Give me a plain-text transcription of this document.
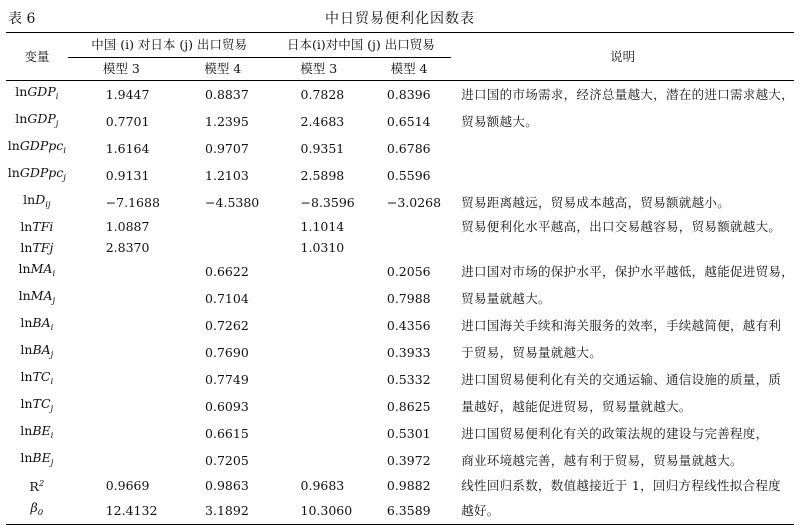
表 6	中日贸易便利化因数表
变量	中国 (i) 对日本 (j) 出口贸易		日本(i)对中国 (j) 出口贸易		说明
	模型 3	模型 4	模型 3	模型 4	
lnGDP$_i$	1.9447	0.8837	0.7828	0.8396	进口国的市场需求，经济总量越大，潜在的进口需求越大，
lnGDP$_j$	0.7701	1.2395	2.4683	0.6514	贸易额越大。
lnGDPpc$_i$	1.6164	0.9707	0.9351	0.6786	
lnGDPpc$_j$	0.9131	1.2103	2.5898	0.5596	
lnD$_{ij}$	−7.1688	−4.5380	−8.3596	−3.0268	贸易距离越远，贸易成本越高，贸易额就越小。
lnTFi	1.0887		1.1014		贸易便利化水平越高，出口交易越容易，贸易额就越大。
lnTFj	2.8370		1.0310		
lnMA$_i$		0.6622		0.2056	进口国对市场的保护水平，保护水平越低，越能促进贸易，
lnMA$_j$		0.7104		0.7988	贸易量就越大。
lnBA$_i$		0.7262		0.4356	进口国海关手续和海关服务的效率，手续越简便，越有利
lnBA$_j$		0.7690		0.3933	于贸易，贸易量就越大。
lnTC$_i$		0.7749		0.5332	进口国贸易便利化有关的交通运输、通信设施的质量，质
lnTC$_j$		0.6093		0.8625	量越好，越能促进贸易，贸易量就越大。
lnBE$_i$		0.6615		0.5301	进口国贸易便利化有关的政策法规的建设与完善程度，
lnBE$_j$		0.7205		0.3972	商业环境越完善，越有利于贸易，贸易量就越大。
$R^2$	0.9669	0.9863	0.9683	0.9882	线性回归系数，数值越接近于 1，回归方程线性拟合程度
$\beta_0$	12.4132	3.1892	10.3060	6.3589	越好。
